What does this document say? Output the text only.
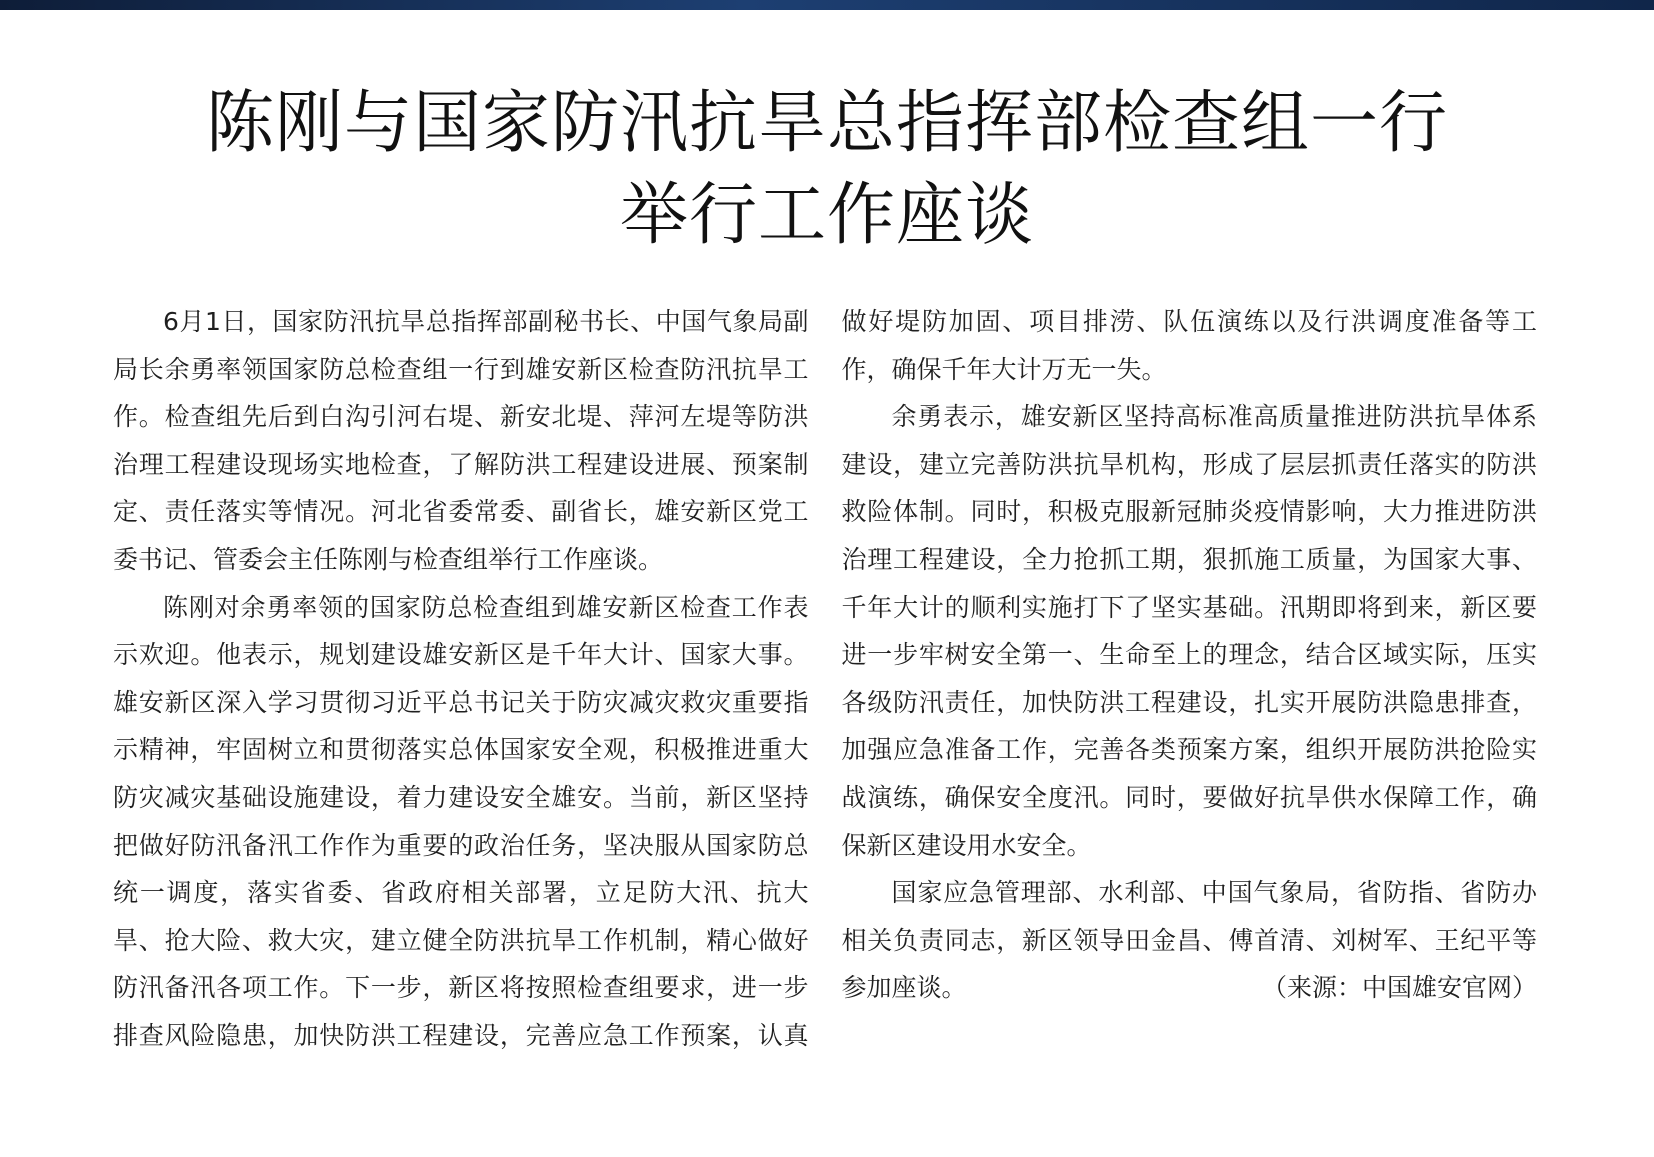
陈刚与国家防汛抗旱总指挥部检查组一行
举行工作座谈

6月1日，国家防汛抗旱总指挥部副秘书长、中国气象局副局长余勇率领国家防总检查组一行到雄安新区检查防汛抗旱工作。检查组先后到白沟引河右堤、新安北堤、萍河左堤等防洪治理工程建设现场实地检查，了解防洪工程建设进展、预案制定、责任落实等情况。河北省委常委、副省长，雄安新区党工委书记、管委会主任陈刚与检查组举行工作座谈。

陈刚对余勇率领的国家防总检查组到雄安新区检查工作表示欢迎。他表示，规划建设雄安新区是千年大计、国家大事。雄安新区深入学习贯彻习近平总书记关于防灾减灾救灾重要指示精神，牢固树立和贯彻落实总体国家安全观，积极推进重大防灾减灾基础设施建设，着力建设安全雄安。当前，新区坚持把做好防汛备汛工作作为重要的政治任务，坚决服从国家防总统一调度，落实省委、省政府相关部署，立足防大汛、抗大旱、抢大险、救大灾，建立健全防洪抗旱工作机制，精心做好防汛备汛各项工作。下一步，新区将按照检查组要求，进一步排查风险隐患，加快防洪工程建设，完善应急工作预案，认真做好堤防加固、项目排涝、队伍演练以及行洪调度准备等工作，确保千年大计万无一失。

余勇表示，雄安新区坚持高标准高质量推进防洪抗旱体系建设，建立完善防洪抗旱机构，形成了层层抓责任落实的防洪救险体制。同时，积极克服新冠肺炎疫情影响，大力推进防洪治理工程建设，全力抢抓工期，狠抓施工质量，为国家大事、千年大计的顺利实施打下了坚实基础。汛期即将到来，新区要进一步牢树安全第一、生命至上的理念，结合区域实际，压实各级防汛责任，加快防洪工程建设，扎实开展防洪隐患排查，加强应急准备工作，完善各类预案方案，组织开展防洪抢险实战演练，确保安全度汛。同时，要做好抗旱供水保障工作，确保新区建设用水安全。

国家应急管理部、水利部、中国气象局，省防指、省防办相关负责同志，新区领导田金昌、傅首清、刘树军、王纪平等参加座谈。	（来源：中国雄安官网）
